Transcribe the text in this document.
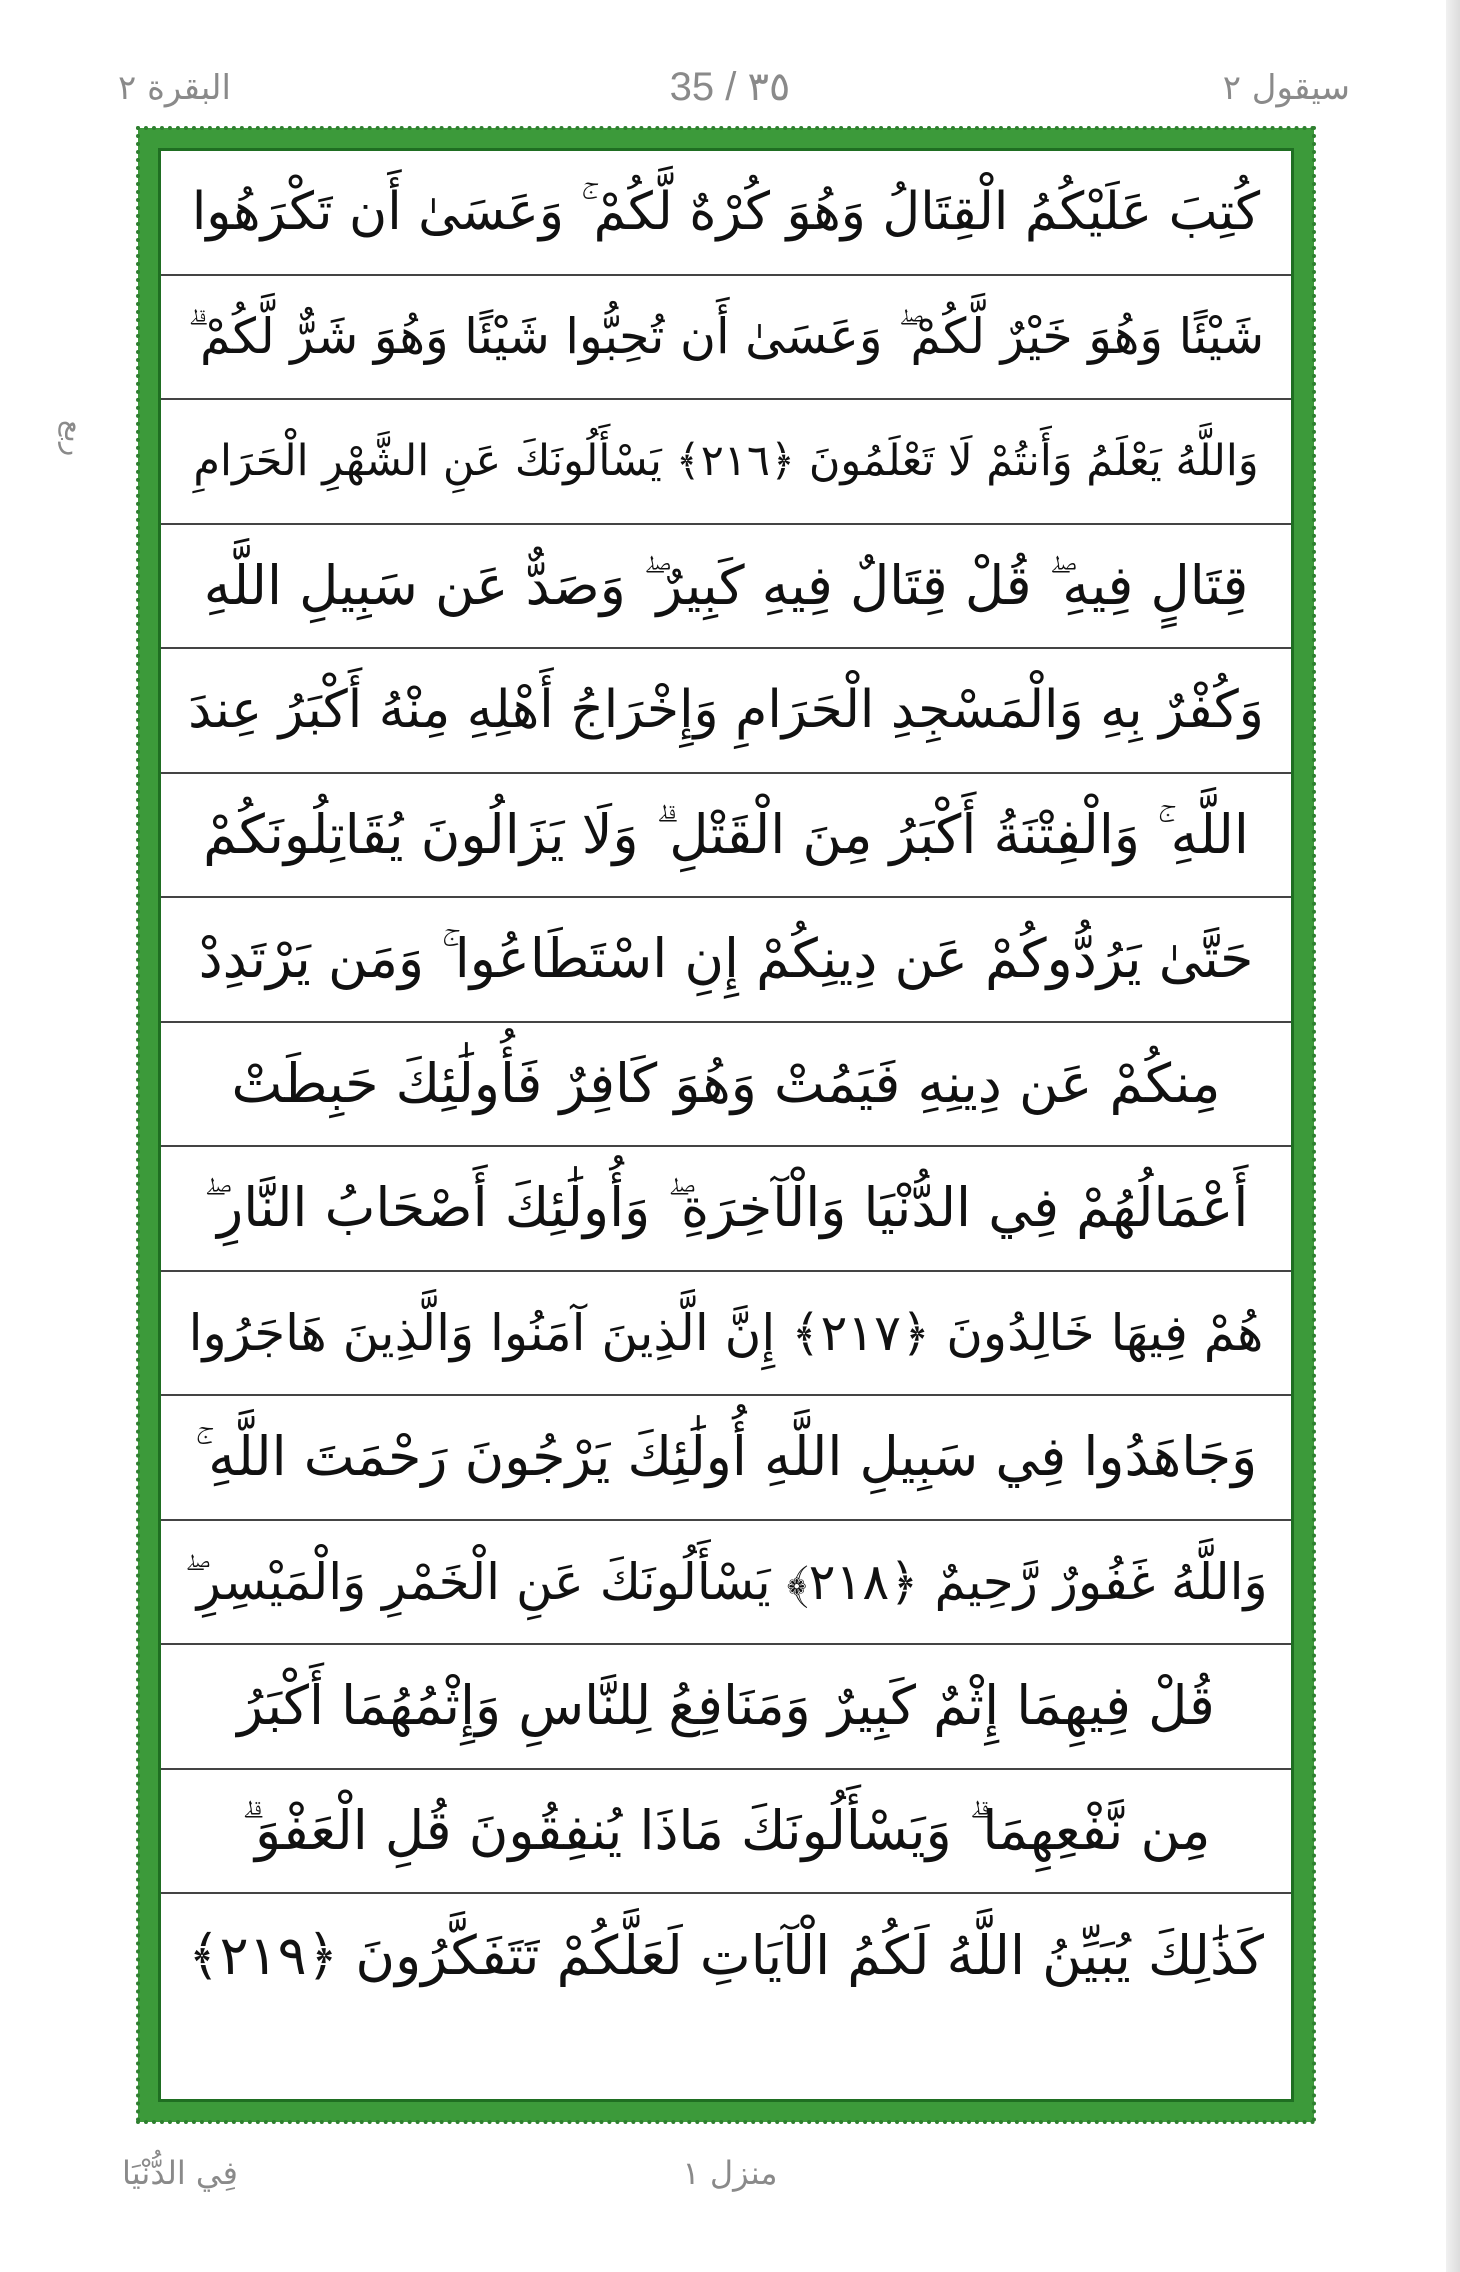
البقرة ٢	35 / ٣٥	سيقول ٢
ربع
كُتِبَ عَلَيْكُمُ الْقِتَالُ وَهُوَ كُرْهٌ لَّكُمْ ۚ وَعَسَىٰ أَن تَكْرَهُوا
شَيْئًا وَهُوَ خَيْرٌ لَّكُمْ ۖ وَعَسَىٰ أَن تُحِبُّوا شَيْئًا وَهُوَ شَرٌّ لَّكُمْ ۗ
وَاللَّهُ يَعْلَمُ وَأَنتُمْ لَا تَعْلَمُونَ ﴿٢١٦﴾ يَسْأَلُونَكَ عَنِ الشَّهْرِ الْحَرَامِ
قِتَالٍ فِيهِ ۖ قُلْ قِتَالٌ فِيهِ كَبِيرٌ ۖ وَصَدٌّ عَن سَبِيلِ اللَّهِ
وَكُفْرٌ بِهِ وَالْمَسْجِدِ الْحَرَامِ وَإِخْرَاجُ أَهْلِهِ مِنْهُ أَكْبَرُ عِندَ
اللَّهِ ۚ وَالْفِتْنَةُ أَكْبَرُ مِنَ الْقَتْلِ ۗ وَلَا يَزَالُونَ يُقَاتِلُونَكُمْ
حَتَّىٰ يَرُدُّوكُمْ عَن دِينِكُمْ إِنِ اسْتَطَاعُوا ۚ وَمَن يَرْتَدِدْ
مِنكُمْ عَن دِينِهِ فَيَمُتْ وَهُوَ كَافِرٌ فَأُولَٰئِكَ حَبِطَتْ
أَعْمَالُهُمْ فِي الدُّنْيَا وَالْآخِرَةِ ۖ وَأُولَٰئِكَ أَصْحَابُ النَّارِ ۖ
هُمْ فِيهَا خَالِدُونَ ﴿٢١٧﴾ إِنَّ الَّذِينَ آمَنُوا وَالَّذِينَ هَاجَرُوا
وَجَاهَدُوا فِي سَبِيلِ اللَّهِ أُولَٰئِكَ يَرْجُونَ رَحْمَتَ اللَّهِ ۚ
وَاللَّهُ غَفُورٌ رَّحِيمٌ ﴿٢١٨﴾ يَسْأَلُونَكَ عَنِ الْخَمْرِ وَالْمَيْسِرِ ۖ
قُلْ فِيهِمَا إِثْمٌ كَبِيرٌ وَمَنَافِعُ لِلنَّاسِ وَإِثْمُهُمَا أَكْبَرُ
مِن نَّفْعِهِمَا ۗ وَيَسْأَلُونَكَ مَاذَا يُنفِقُونَ قُلِ الْعَفْوَ ۗ
كَذَٰلِكَ يُبَيِّنُ اللَّهُ لَكُمُ الْآيَاتِ لَعَلَّكُمْ تَتَفَكَّرُونَ ﴿٢١٩﴾
فِي الدُّنْيَا	منزل ١
